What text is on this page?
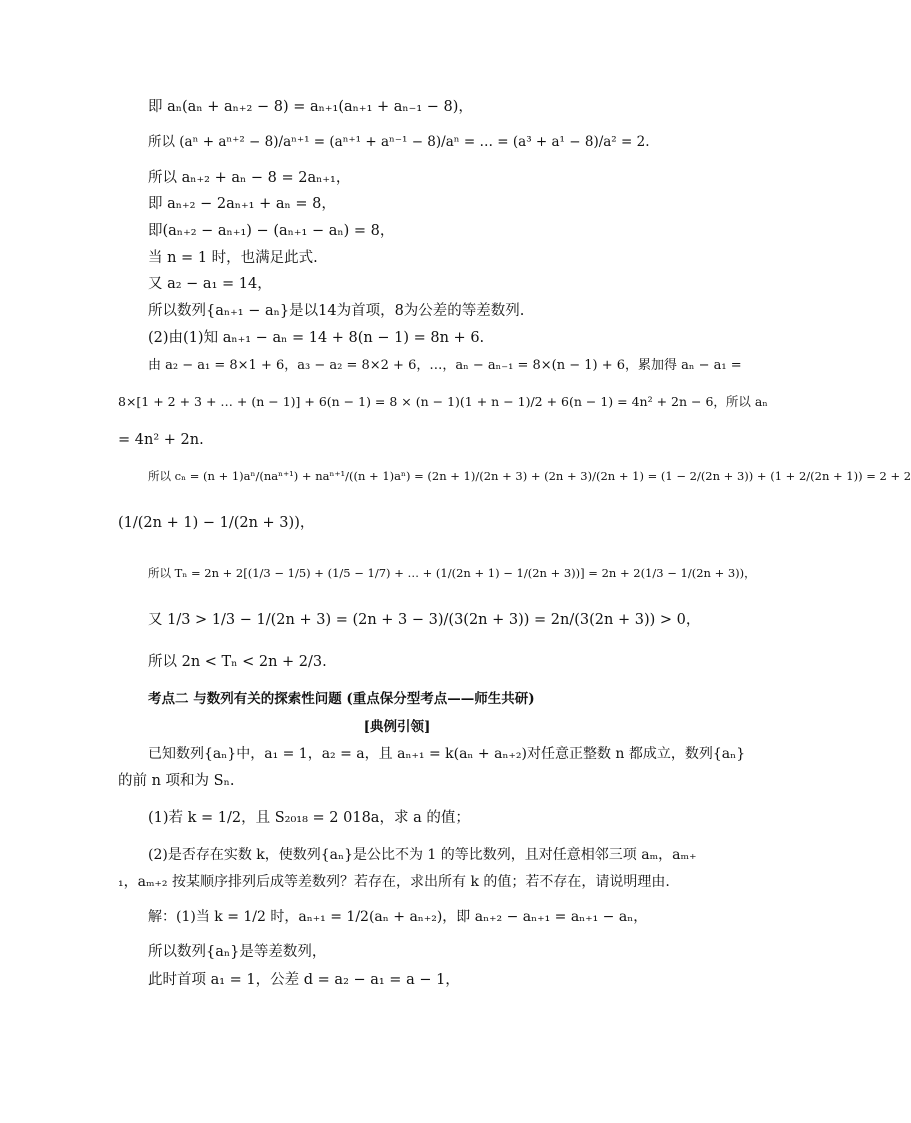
即 aₙ(aₙ + aₙ₊₂ − 8) = aₙ₊₁(aₙ₊₁ + aₙ₋₁ − 8)，
所以 (aⁿ + aⁿ⁺² − 8)/aⁿ⁺¹ = (aⁿ⁺¹ + aⁿ⁻¹ − 8)/aⁿ = … = (a³ + a¹ − 8)/a² = 2.
所以 aₙ₊₂ + aₙ − 8 = 2aₙ₊₁，
即 aₙ₊₂ − 2aₙ₊₁ + aₙ = 8，
即(aₙ₊₂ − aₙ₊₁) − (aₙ₊₁ − aₙ) = 8，
当 n = 1 时，也满足此式.
又 a₂ − a₁ = 14，
所以数列{aₙ₊₁ − aₙ}是以14为首项，8为公差的等差数列.
(2)由(1)知 aₙ₊₁ − aₙ = 14 + 8(n − 1) = 8n + 6.
由 a₂ − a₁ = 8×1 + 6，a₃ − a₂ = 8×2 + 6，…，aₙ − aₙ₋₁ = 8×(n − 1) + 6，累加得 aₙ − a₁ =
8×[1 + 2 + 3 + … + (n − 1)] + 6(n − 1) = 8 × (n − 1)(1 + n − 1)/2 + 6(n − 1) = 4n² + 2n − 6，所以 aₙ
= 4n² + 2n.
所以 cₙ = (n + 1)aⁿ/(naⁿ⁺¹) + naⁿ⁺¹/((n + 1)aⁿ) = (2n + 1)/(2n + 3) + (2n + 3)/(2n + 1) = (1 − 2/(2n + 3)) + (1 + 2/(2n + 1)) = 2 + 2
(1/(2n + 1) − 1/(2n + 3))，
所以 Tₙ = 2n + 2[(1/3 − 1/5) + (1/5 − 1/7) + … + (1/(2n + 1) − 1/(2n + 3))] = 2n + 2(1/3 − 1/(2n + 3))，
又 1/3 > 1/3 − 1/(2n + 3) = (2n + 3 − 3)/(3(2n + 3)) = 2n/(3(2n + 3)) > 0，
所以 2n < Tₙ < 2n + 2/3.
考点二 与数列有关的探索性问题 (重点保分型考点——师生共研)
[典例引领]
已知数列{aₙ}中，a₁ = 1，a₂ = a，且 aₙ₊₁ = k(aₙ + aₙ₊₂)对任意正整数 n 都成立，数列{aₙ}
的前 n 项和为 Sₙ.
(1)若 k = 1/2，且 S₂₀₁₈ = 2 018a，求 a 的值；
(2)是否存在实数 k，使数列{aₙ}是公比不为 1 的等比数列，且对任意相邻三项 aₘ，aₘ₊
₁，aₘ₊₂ 按某顺序排列后成等差数列？若存在，求出所有 k 的值；若不存在，请说明理由.
解：(1)当 k = 1/2 时，aₙ₊₁ = 1/2(aₙ + aₙ₊₂)，即 aₙ₊₂ − aₙ₊₁ = aₙ₊₁ − aₙ，
所以数列{aₙ}是等差数列，
此时首项 a₁ = 1，公差 d = a₂ − a₁ = a − 1，
